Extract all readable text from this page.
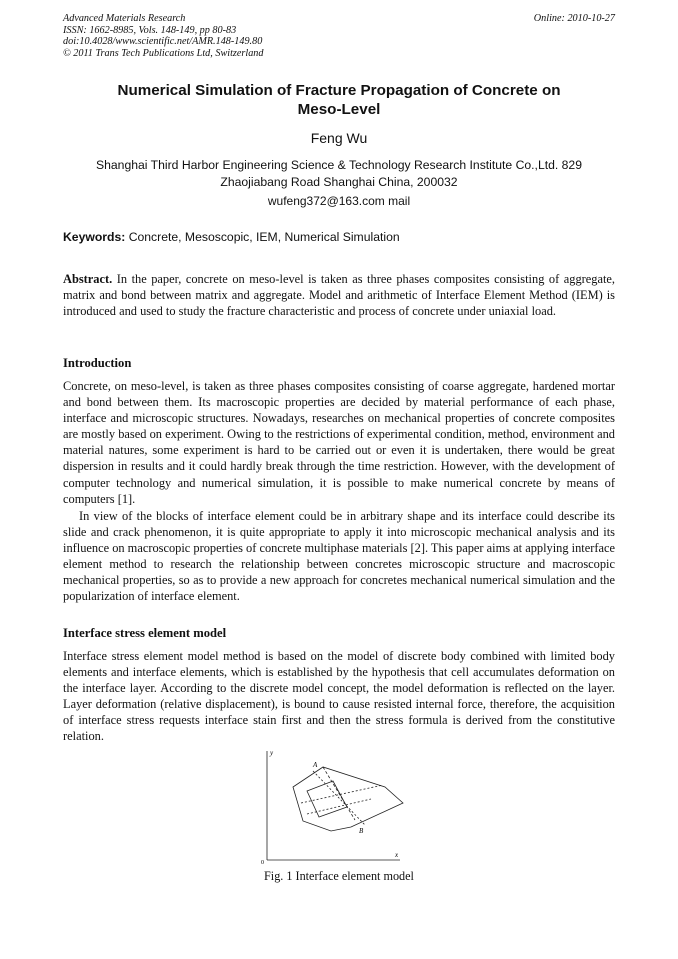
Advanced Materials Research
ISSN: 1662-8985, Vols. 148-149, pp 80-83
doi:10.4028/www.scientific.net/AMR.148-149.80
© 2011 Trans Tech Publications Ltd, Switzerland
Online: 2010-10-27
Numerical Simulation of Fracture Propagation of Concrete on
Meso-Level
Feng Wu
Shanghai Third Harbor Engineering Science & Technology Research Institute Co.,Ltd. 829
Zhaojiabang Road Shanghai China, 200032
wufeng372@163.com mail
Keywords: Concrete, Mesoscopic, IEM, Numerical Simulation
Abstract. In the paper, concrete on meso-level is taken as three phases composites consisting of aggregate, matrix and bond between matrix and aggregate. Model and arithmetic of Interface Element Method (IEM) is introduced and used to study the fracture characteristic and process of concrete under uniaxial load.
Introduction
Concrete, on meso-level, is taken as three phases composites consisting of coarse aggregate, hardened mortar and bond between them. Its macroscopic properties are decided by material performance of each phase, interface and microscopic structures. Nowadays, researches on mechanical properties of concrete composites are mostly based on experiment. Owing to the restrictions of experimental condition, method, environment and material natures, some experiment is hard to be carried out or even it is undertaken, there would be great dispersion in results and it could hardly break through the time restriction. However, with the development of computer technology and numerical simulation, it is possible to make numerical concrete by means of computers [1].
In view of the blocks of interface element could be in arbitrary shape and its interface could describe its slide and crack phenomenon, it is quite appropriate to apply it into microscopic mechanical analysis and its influence on macroscopic properties of concrete multiphase materials [2]. This paper aims at applying interface element method to research the relationship between concretes microscopic structure and macroscopic mechanical properties, so as to provide a new approach for concretes mechanical numerical simulation and the popularization of interface element.
Interface stress element model
Interface stress element model method is based on the model of discrete body combined with limited body elements and interface elements, which is established by the hypothesis that cell accumulates deformation on the interface layer. According to the discrete model concept, the model deformation is reflected on the layer. Layer deformation (relative displacement), is bound to cause resisted internal force, therefore, the acquisition of interface stress requests interface stain first and then the stress formula is derived from the constitutive relation.
y
x
0
A
B
Fig. 1 Interface element model
